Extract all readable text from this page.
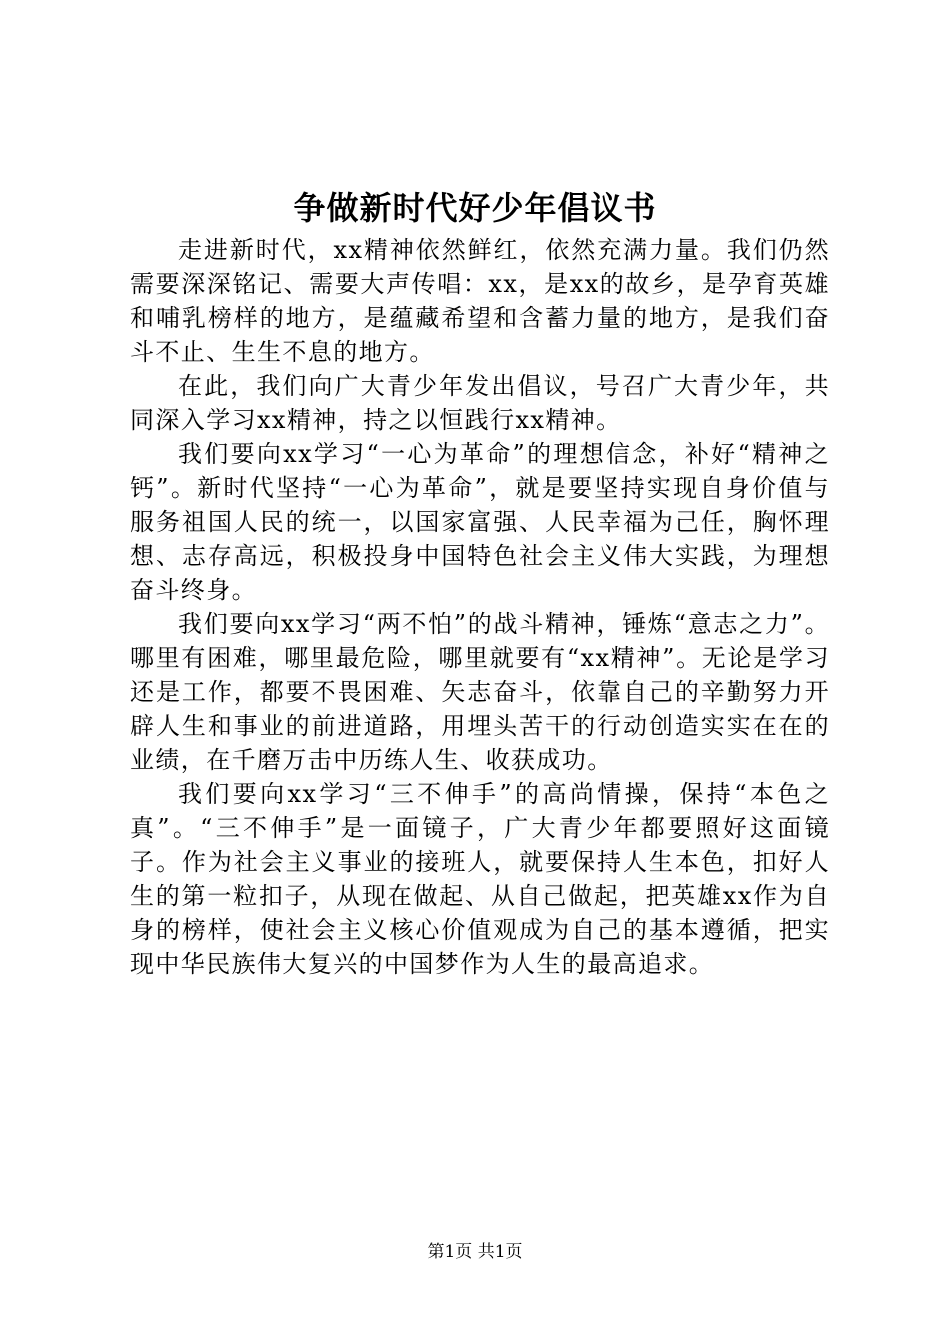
争做新时代好少年倡议书

走进新时代，xx精神依然鲜红，依然充满力量。我们仍然需要深深铭记、需要大声传唱：xx，是xx的故乡，是孕育英雄和哺乳榜样的地方，是蕴藏希望和含蓄力量的地方，是我们奋斗不止、生生不息的地方。

在此，我们向广大青少年发出倡议，号召广大青少年，共同深入学习xx精神，持之以恒践行xx精神。

我们要向xx学习“一心为革命”的理想信念，补好“精神之钙”。新时代坚持“一心为革命”，就是要坚持实现自身价值与服务祖国人民的统一，以国家富强、人民幸福为己任，胸怀理想、志存高远，积极投身中国特色社会主义伟大实践，为理想奋斗终身。

我们要向xx学习“两不怕”的战斗精神，锤炼“意志之力”。哪里有困难，哪里最危险，哪里就要有“xx精神”。无论是学习还是工作，都要不畏困难、矢志奋斗，依靠自己的辛勤努力开辟人生和事业的前进道路，用埋头苦干的行动创造实实在在的业绩，在千磨万击中历练人生、收获成功。

我们要向xx学习“三不伸手”的高尚情操，保持“本色之真”。“三不伸手”是一面镜子，广大青少年都要照好这面镜子。作为社会主义事业的接班人，就要保持人生本色，扣好人生的第一粒扣子，从现在做起、从自己做起，把英雄xx作为自身的榜样，使社会主义核心价值观成为自己的基本遵循，把实现中华民族伟大复兴的中国梦作为人生的最高追求。

第1页 共1页
